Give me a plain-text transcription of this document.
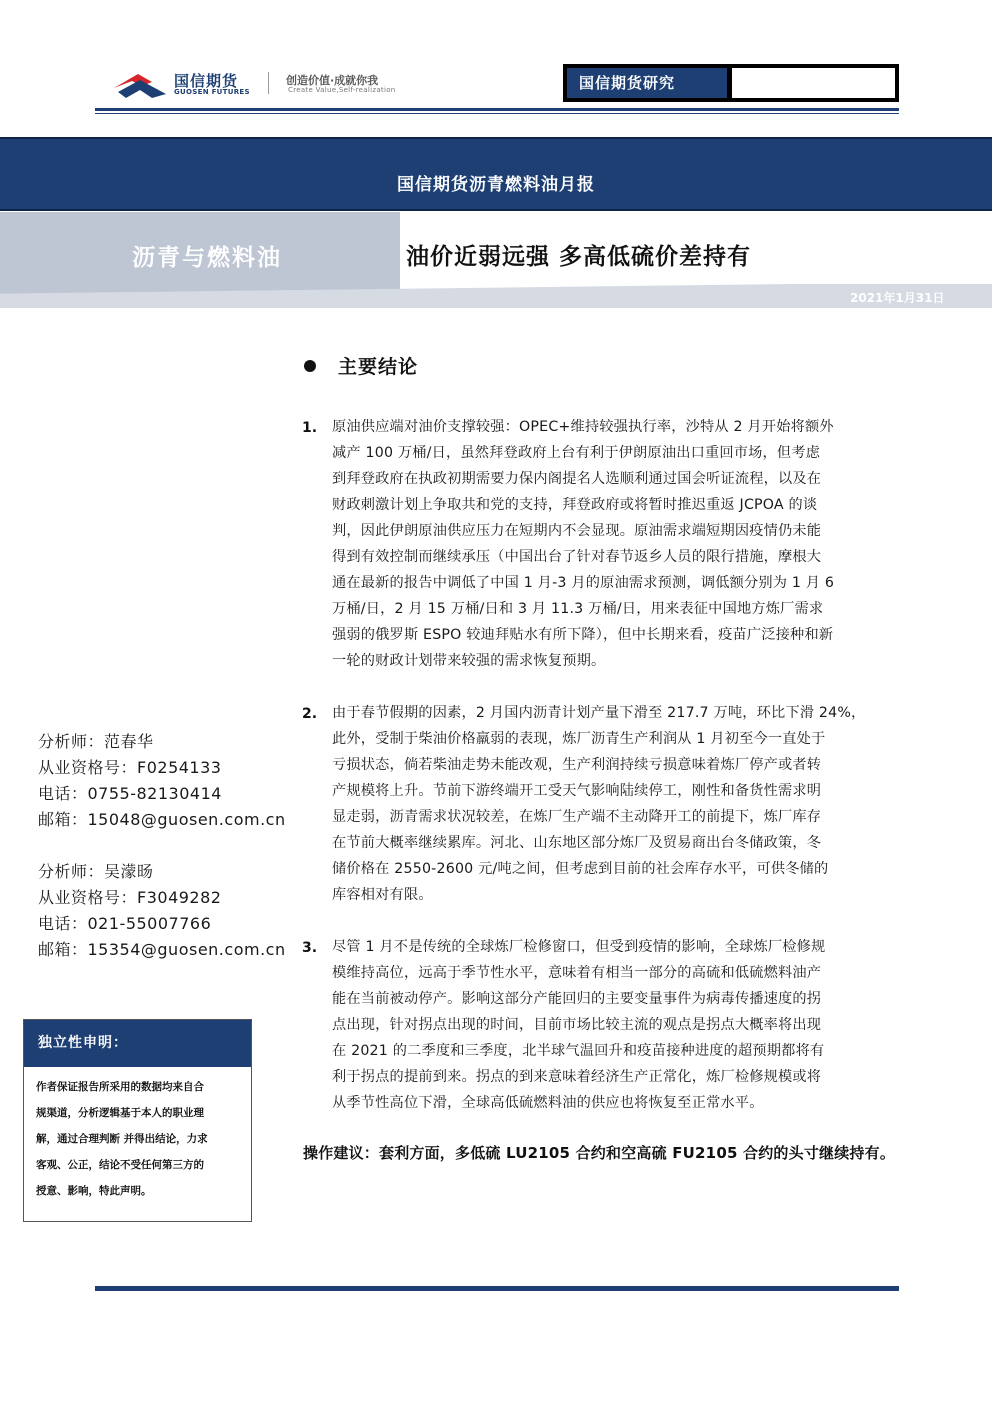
国信期货
GUOSEN FUTURES
创造价值·成就你我
Create Value,Self-realization	国信期货研究
国信期货沥青燃料油月报
沥青与燃料油	油价近弱远强 多高低硫价差持有
2021年1月31日
主要结论
1. 原油供应端对油价支撑较强：OPEC+维持较强执行率，沙特从 2 月开始将额外
减产 100 万桶/日，虽然拜登政府上台有利于伊朗原油出口重回市场，但考虑
到拜登政府在执政初期需要力保内阁提名人选顺利通过国会听证流程，以及在
财政刺激计划上争取共和党的支持，拜登政府或将暂时推迟重返 JCPOA 的谈
判，因此伊朗原油供应压力在短期内不会显现。原油需求端短期因疫情仍未能
得到有效控制而继续承压（中国出台了针对春节返乡人员的限行措施，摩根大
通在最新的报告中调低了中国 1 月-3 月的原油需求预测，调低额分别为 1 月 6
万桶/日，2 月 15 万桶/日和 3 月 11.3 万桶/日，用来表征中国地方炼厂需求
强弱的俄罗斯 ESPO 较迪拜贴水有所下降），但中长期来看，疫苗广泛接种和新
一轮的财政计划带来较强的需求恢复预期。
2. 由于春节假期的因素，2 月国内沥青计划产量下滑至 217.7 万吨，环比下滑 24%，
此外，受制于柴油价格羸弱的表现，炼厂沥青生产利润从 1 月初至今一直处于
亏损状态，倘若柴油走势未能改观，生产利润持续亏损意味着炼厂停产或者转
产规模将上升。节前下游终端开工受天气影响陆续停工，刚性和备货性需求明
显走弱，沥青需求状况较差，在炼厂生产端不主动降开工的前提下，炼厂库存
在节前大概率继续累库。河北、山东地区部分炼厂及贸易商出台冬储政策，冬
储价格在 2550-2600 元/吨之间，但考虑到目前的社会库存水平，可供冬储的
库容相对有限。
3. 尽管 1 月不是传统的全球炼厂检修窗口，但受到疫情的影响，全球炼厂检修规
模维持高位，远高于季节性水平，意味着有相当一部分的高硫和低硫燃料油产
能在当前被动停产。影响这部分产能回归的主要变量事件为病毒传播速度的拐
点出现，针对拐点出现的时间，目前市场比较主流的观点是拐点大概率将出现
在 2021 的二季度和三季度，北半球气温回升和疫苗接种进度的超预期都将有
利于拐点的提前到来。拐点的到来意味着经济生产正常化，炼厂检修规模或将
从季节性高位下滑，全球高低硫燃料油的供应也将恢复至正常水平。
操作建议：套利方面，多低硫 LU2105 合约和空高硫 FU2105 合约的头寸继续持有。
分析师：范春华
从业资格号：F0254133
电话：0755-82130414
邮箱：15048@guosen.com.cn
分析师：吴濛旸
从业资格号：F3049282
电话：021-55007766
邮箱：15354@guosen.com.cn
独立性申明：
作者保证报告所采用的数据均来自合
规渠道，分析逻辑基于本人的职业理
解，通过合理判断 并得出结论，力求
客观、公正，结论不受任何第三方的
授意、影响，特此声明。
